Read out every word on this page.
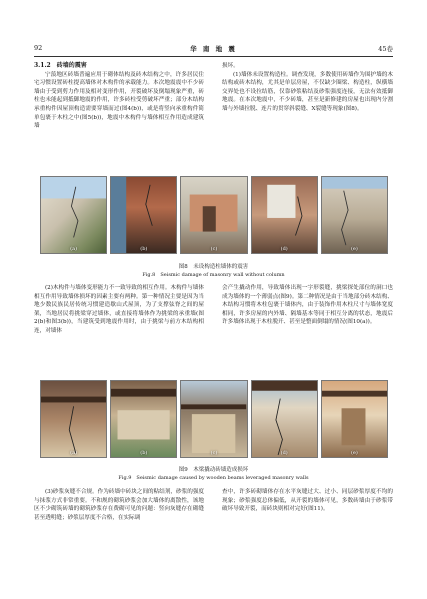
92	华 南 地 震	45卷

3.1.2　砖墙的震害

宁蒗地区砖墙普遍应用于砌体结构及砖木结构之中，许多居民住宅习惯设置砖柱提高墙体对木构件的承载能力。本次地震震中不少砖墙由于受到剪力作用及相对变形作用，开裂破坏及倒塌现象严重，砖柱也未能起到抵御地震的作用，许多砖柱受剪破坏严重；部分木结构承重构件因屋顶构造需要穿墙而过(图4(b))，或是将竖向承重构件简单包裹于木柱之中(图5(b))，地震中木构件与墙体相互作用造成建筑墙

损坏。

(1)墙体未设置构造柱。调查发现，多数使用砖墙作为围护墙的木结构或砖木结构，尤其是单层房屋，不仅缺少圈梁、构造柱，纵横墙交界处也不设拉结筋，仅靠砂浆粘结及砂浆强度连接，无法有效抵御地震。在本次地震中，不少砖墙，甚至是新修建的房屋也出现内分割墙与外墙拉脱、连片的贯穿斜裂缝、X裂缝等现象(图8)。

(a)	(b)	(c)	(d)	(e)
图8　未设构造柱墙体的震害
Fig.8　Seismic damage of masonry wall without column

(2)木构件与墙体变形能力不一致导致的相互作用。木构件与墙体相互作用导致墙体损坏的因素主要有两种。第一种情况主要是因为当地少数民族民居传统习惯建造歇山式屋顶，为了支撑弦脊之间的屋架，当地居民将挑梁穿过墙体，或直接将墙体作为挑梁的承重墙(图2(b)和图3(b))，当建筑受到地震作用时，由于挑梁与前方木结构相连，对墙体

会产生撬动作用，导致墙体出现一字形裂缝，挑梁探处部位的洞口也成为墙体的一个薄弱点(图9)。第二种情况是由于当地部分砖木结构、木结构习惯将木柱包裹于墙体内，由于装饰作用木柱尺寸与墙体宽度相同，许多房屋的内外墙、隔墙基本等同于相互分离的状态，地震后许多墙体出现于木柱脱开、甚至是整面倒塌的情况(图10(a))。

(a)	(b)	(c)	(d)	(e)
图9　木梁撬动砖墙造成损坏
Fig.9　Seismic damage caused by wooden beams leveraged masonry walls

(3)砂浆灰缝不合规。作为砖墙中砖块之间的粘结剂，砂浆的强度与抹浆方式非常重要。不和规的砌筑砂浆会加大墙体的离散性，该地区不少砌筑砖墙的砌筑砂浆存在费砌可见的问题：竖向灰缝存在砌缝甚至透明缝；砂浆层厚度不合格，在实际调

查中，许多砖砌墙体存在水平灰缝过大、过小、同层砂浆厚度不均的现象；砂浆强度总体偏低，从开裂的墙体可见，多数砖墙由于砂浆带破坏导致开裂，而砖块则相对完好(图11)。
